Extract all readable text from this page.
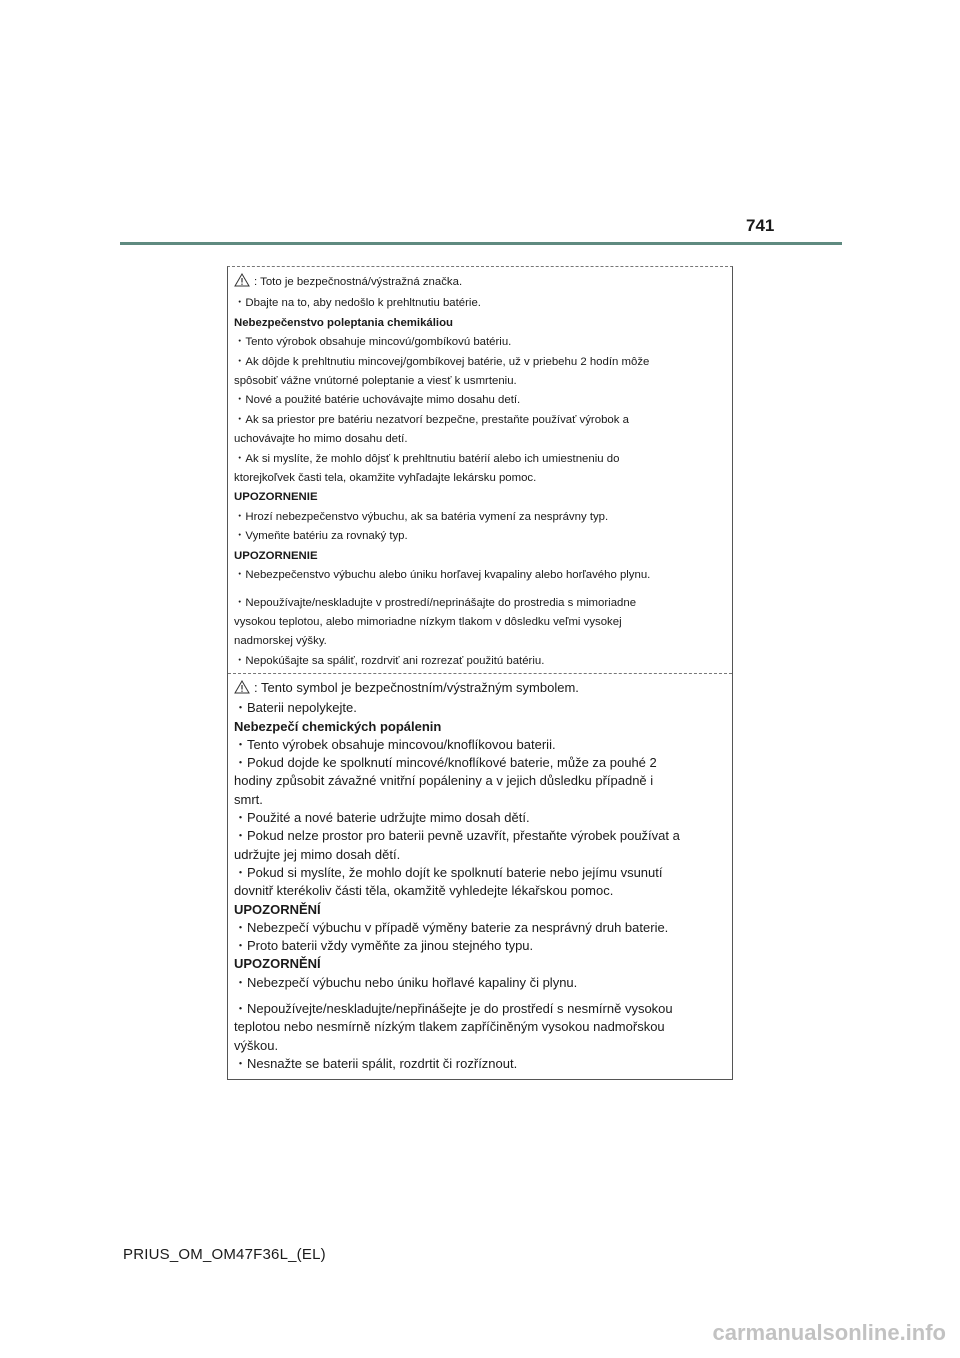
741
: Toto je bezpečnostná/výstražná značka.
・Dbajte na to, aby nedošlo k prehltnutiu batérie.
Nebezpečenstvo poleptania chemikáliou
・Tento výrobok obsahuje mincovú/gombíkovú batériu.
・Ak dôjde k prehltnutiu mincovej/gombíkovej batérie, už v priebehu 2 hodín môže
spôsobiť vážne vnútorné poleptanie a viesť k usmrteniu.
・Nové a použité batérie uchovávajte mimo dosahu detí.
・Ak sa priestor pre batériu nezatvorí bezpečne, prestaňte používať výrobok a
uchovávajte ho mimo dosahu detí.
・Ak si myslíte, že mohlo dôjsť k prehltnutiu batérií alebo ich umiestneniu do
ktorejkoľvek časti tela, okamžite vyhľadajte lekársku pomoc.
UPOZORNENIE
・Hrozí nebezpečenstvo výbuchu, ak sa batéria vymení za nesprávny typ.
・Vymeňte batériu za rovnaký typ.
UPOZORNENIE
・Nebezpečenstvo výbuchu alebo úniku horľavej kvapaliny alebo horľavého plynu.
・Nepoužívajte/neskladujte v prostredí/neprinášajte do prostredia s mimoriadne
vysokou teplotou, alebo mimoriadne nízkym tlakom v dôsledku veľmi vysokej
nadmorskej výšky.
・Nepokúšajte sa spáliť, rozdrviť ani rozrezať použitú batériu.
: Tento symbol je bezpečnostním/výstražným symbolem.
・Baterii nepolykejte.
Nebezpečí chemických popálenin
・Tento výrobek obsahuje mincovou/knoflíkovou baterii.
・Pokud dojde ke spolknutí mincové/knoflíkové baterie, může za pouhé 2
hodiny způsobit závažné vnitřní popáleniny a v jejich důsledku případně i
smrt.
・Použité a nové baterie udržujte mimo dosah dětí.
・Pokud nelze prostor pro baterii pevně uzavřít, přestaňte výrobek používat a
udržujte jej mimo dosah dětí.
・Pokud si myslíte, že mohlo dojít ke spolknutí baterie nebo jejímu vsunutí
dovnitř kterékoliv části těla, okamžitě vyhledejte lékařskou pomoc.
UPOZORNĚNÍ
・Nebezpečí výbuchu v případě výměny baterie za nesprávný druh baterie.
・Proto baterii vždy vyměňte za jinou stejného typu.
UPOZORNĚNÍ
・Nebezpečí výbuchu nebo úniku hořlavé kapaliny či plynu.
・Nepoužívejte/neskladujte/nepřinášejte je do prostředí s nesmírně vysokou
teplotou nebo nesmírně nízkým tlakem zapříčiněným vysokou nadmořskou
výškou.
・Nesnažte se baterii spálit, rozdrtit či rozříznout.
PRIUS_OM_OM47F36L_(EL)
carmanualsonline.info
